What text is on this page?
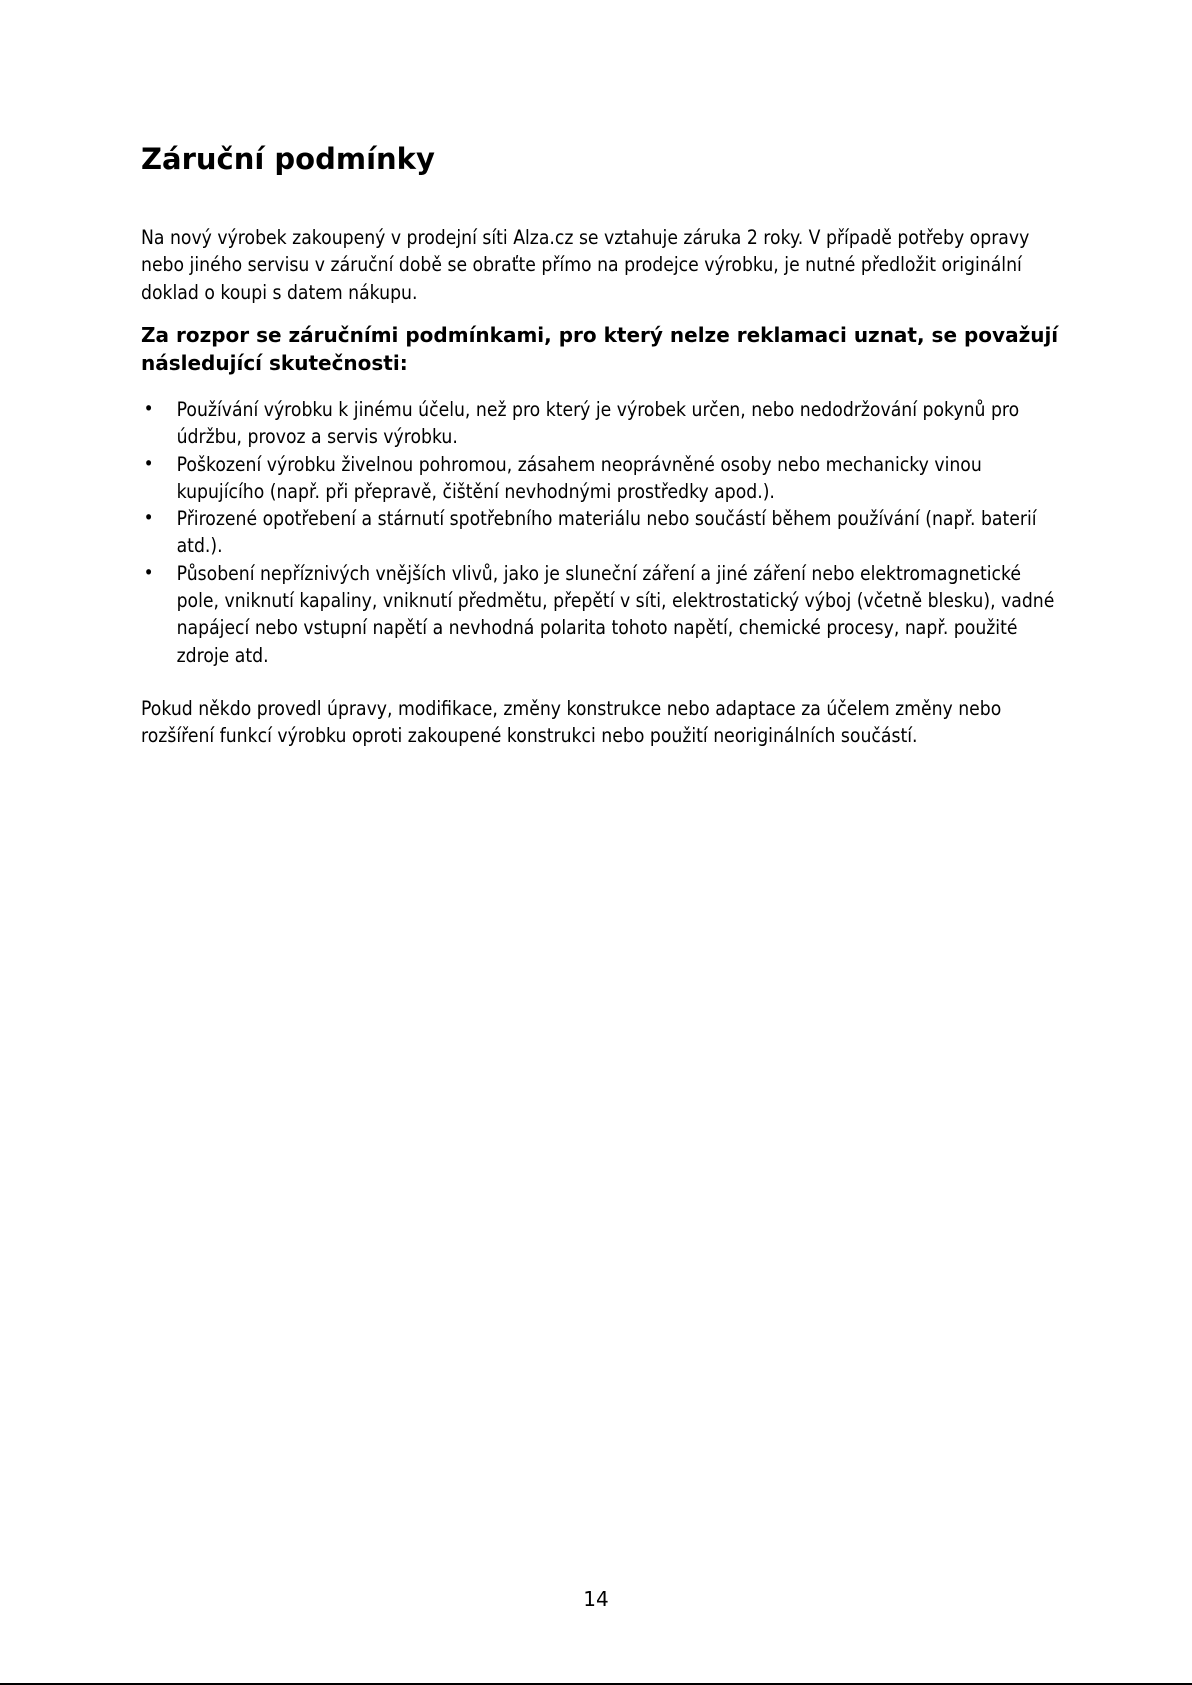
Záruční podmínky

Na nový výrobek zakoupený v prodejní síti Alza.cz se vztahuje záruka 2 roky. V případě potřeby opravy nebo jiného servisu v záruční době se obraťte přímo na prodejce výrobku, je nutné předložit originální doklad o koupi s datem nákupu.

Za rozpor se záručními podmínkami, pro který nelze reklamaci uznat, se považují následující skutečnosti:

• Používání výrobku k jinému účelu, než pro který je výrobek určen, nebo nedodržování pokynů pro údržbu, provoz a servis výrobku.
• Poškození výrobku živelnou pohromou, zásahem neoprávněné osoby nebo mechanicky vinou kupujícího (např. při přepravě, čištění nevhodnými prostředky apod.).
• Přirozené opotřebení a stárnutí spotřebního materiálu nebo součástí během používání (např. baterií atd.).
• Působení nepříznivých vnějších vlivů, jako je sluneční záření a jiné záření nebo elektromagnetické pole, vniknutí kapaliny, vniknutí předmětu, přepětí v síti, elektrostatický výboj (včetně blesku), vadné napájecí nebo vstupní napětí a nevhodná polarita tohoto napětí, chemické procesy, např. použité zdroje atd.

Pokud někdo provedl úpravy, modifikace, změny konstrukce nebo adaptace za účelem změny nebo rozšíření funkcí výrobku oproti zakoupené konstrukci nebo použití neoriginálních součástí.

14
